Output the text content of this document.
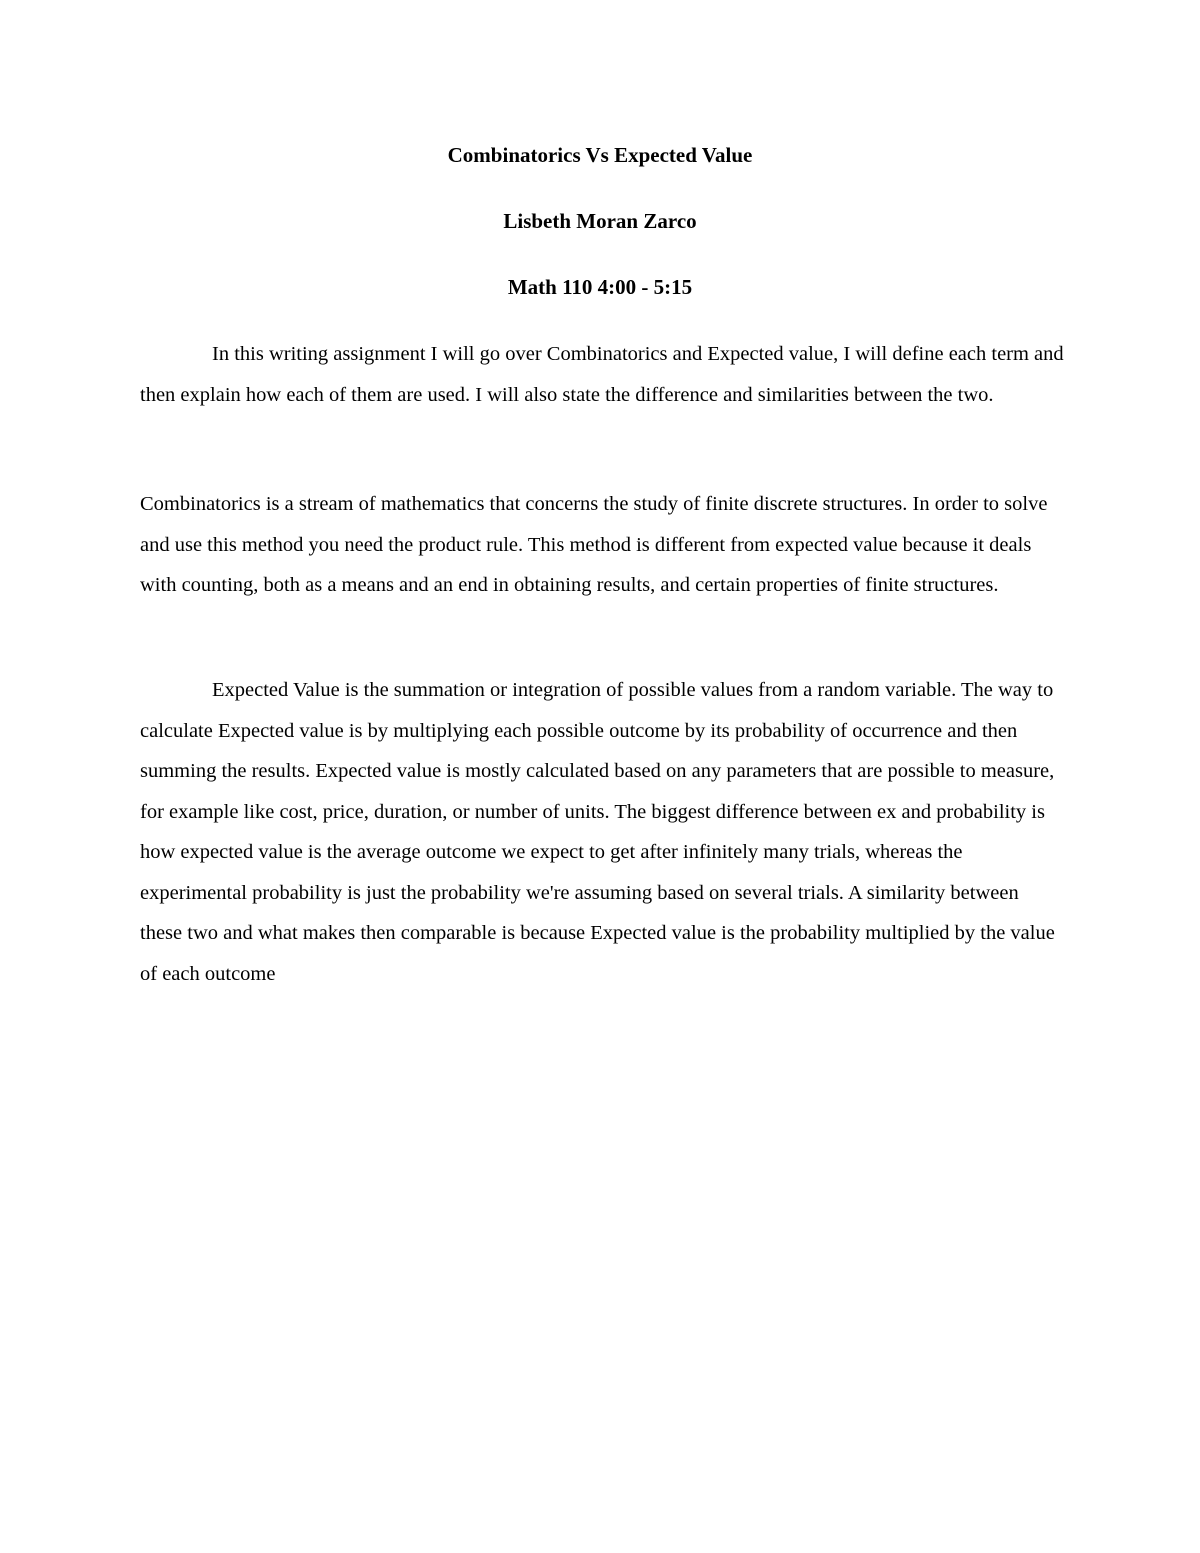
Combinatorics Vs Expected Value
Lisbeth Moran Zarco
Math 110 4:00 - 5:15

In this writing assignment I will go over Combinatorics and Expected value, I will define each term and then explain how each of them are used. I will also state the difference and similarities between the two.

Combinatorics is a stream of mathematics that concerns the study of finite discrete structures. In order to solve and use this method you need the product rule. This method is different from expected value because it deals with counting, both as a means and an end in obtaining results, and certain properties of finite structures.

Expected Value is the summation or integration of possible values from a random variable. The way to calculate Expected value is by multiplying each possible outcome by its probability of occurrence and then summing the results. Expected value is mostly calculated based on any parameters that are possible to measure, for example like cost, price, duration, or number of units. The biggest difference between ex and probability is how expected value is the average outcome we expect to get after infinitely many trials, whereas the experimental probability is just the probability we're assuming based on several trials. A similarity between these two and what makes then comparable is because Expected value is the probability multiplied by the value of each outcome
